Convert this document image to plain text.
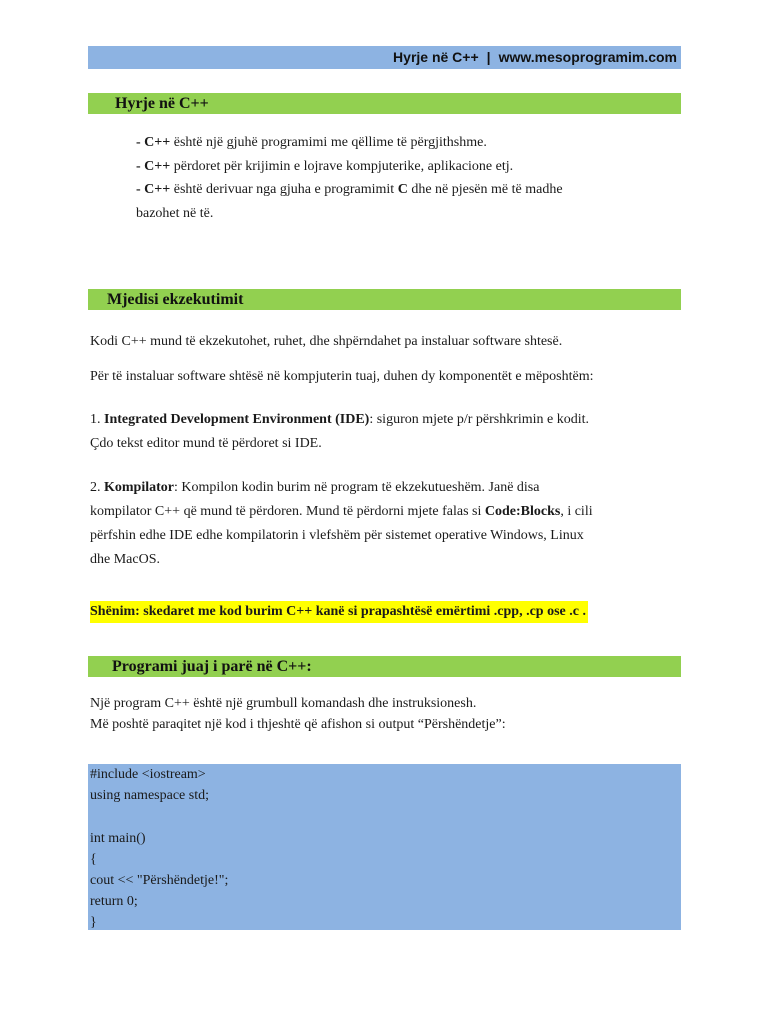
Hyrje në C++ | www.mesoprogramim.com
Hyrje në C++
- C++ është një gjuhë programimi me qëllime të përgjithshme.
- C++ përdoret për krijimin e lojrave kompjuterike, aplikacione etj.
- C++ është derivuar nga gjuha e programimit C dhe në pjesën më të madhe
bazohet në të.
Mjedisi ekzekutimit

Kodi C++ mund të ekzekutohet, ruhet, dhe shpërndahet pa instaluar software shtesë.

Për të instaluar software shtësë në kompjuterin tuaj, duhen dy komponentët e mëposhtëm:

1. Integrated Development Environment (IDE): siguron mjete p/r përshkrimin e kodit.
Çdo tekst editor mund të përdoret si IDE.

2. Kompilator: Kompilon kodin burim në program të ekzekutueshëm. Janë disa
kompilator C++ që mund të përdoren. Mund të përdorni mjete falas si Code:Blocks, i cili
përfshin edhe IDE edhe kompilatorin i vlefshëm për sistemet operative Windows, Linux
dhe MacOS.

Shënim: skedaret me kod burim C++ kanë si prapashtësë emërtimi .cpp, .cp ose .c .
Programi juaj i parë në C++:

Një program C++ është një grumbull komandash dhe instruksionesh.
Më poshtë paraqitet një kod i thjeshtë që afishon si output “Përshëndetje”:

#include <iostream>
using namespace std;
int main()
{
cout << "Përshëndetje!";
return 0;
}
